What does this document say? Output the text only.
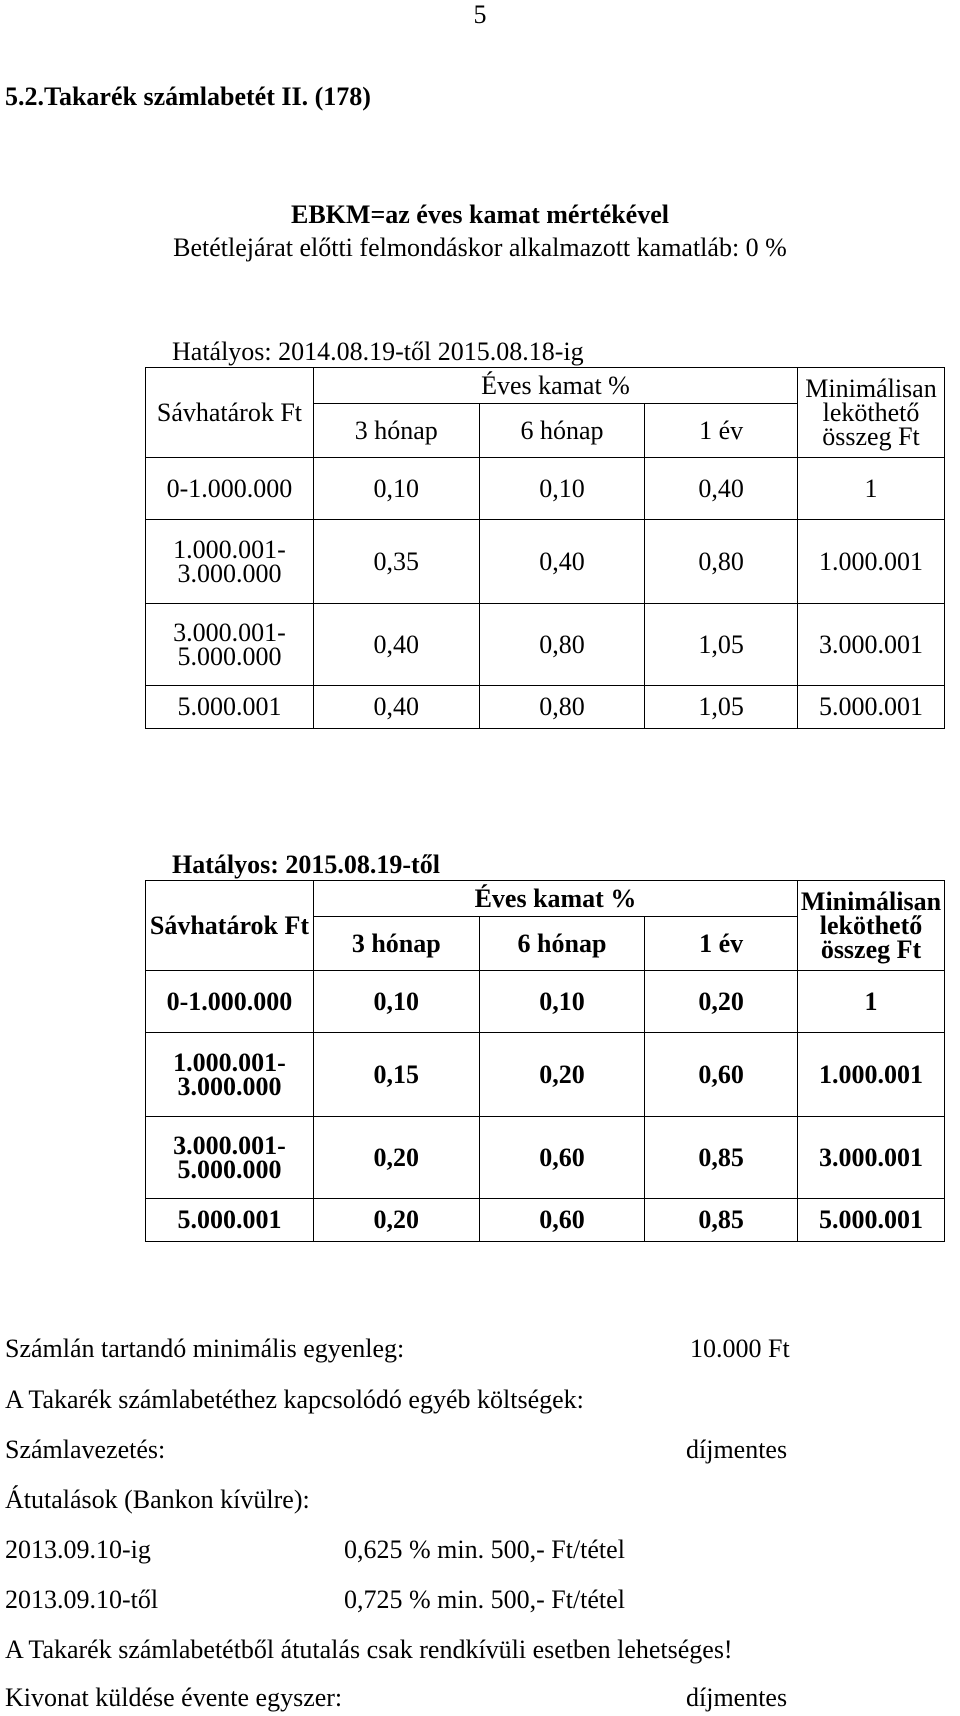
5
5.2.Takarék számlabetét II. (178)
EBKM=az éves kamat mértékével
Betétlejárat előtti felmondáskor alkalmazott kamatláb: 0 %
Hatályos: 2014.08.19-től 2015.08.18-ig
Sávhatárok Ft	Éves kamat %			Minimálisan leköthető összeg Ft
	3 hónap	6 hónap	1 év	
0-1.000.000	0,10	0,10	0,40	1
1.000.001-3.000.000	0,35	0,40	0,80	1.000.001
3.000.001-5.000.000	0,40	0,80	1,05	3.000.001
5.000.001	0,40	0,80	1,05	5.000.001
Hatályos: 2015.08.19-től
Sávhatárok Ft	Éves kamat %			Minimálisan leköthető összeg Ft
	3 hónap	6 hónap	1 év	
0-1.000.000	0,10	0,10	0,20	1
1.000.001-3.000.000	0,15	0,20	0,60	1.000.001
3.000.001-5.000.000	0,20	0,60	0,85	3.000.001
5.000.001	0,20	0,60	0,85	5.000.001
Számlán tartandó minimális egyenleg:	10.000 Ft
A Takarék számlabetéthez kapcsolódó egyéb költségek:
Számlavezetés:	díjmentes
Átutalások (Bankon kívülre):
2013.09.10-ig	0,625 % min. 500,- Ft/tétel
2013.09.10-től	0,725 % min. 500,- Ft/tétel
A Takarék számlabetétből átutalás csak rendkívüli esetben lehetséges!
Kivonat küldése évente egyszer:	díjmentes
